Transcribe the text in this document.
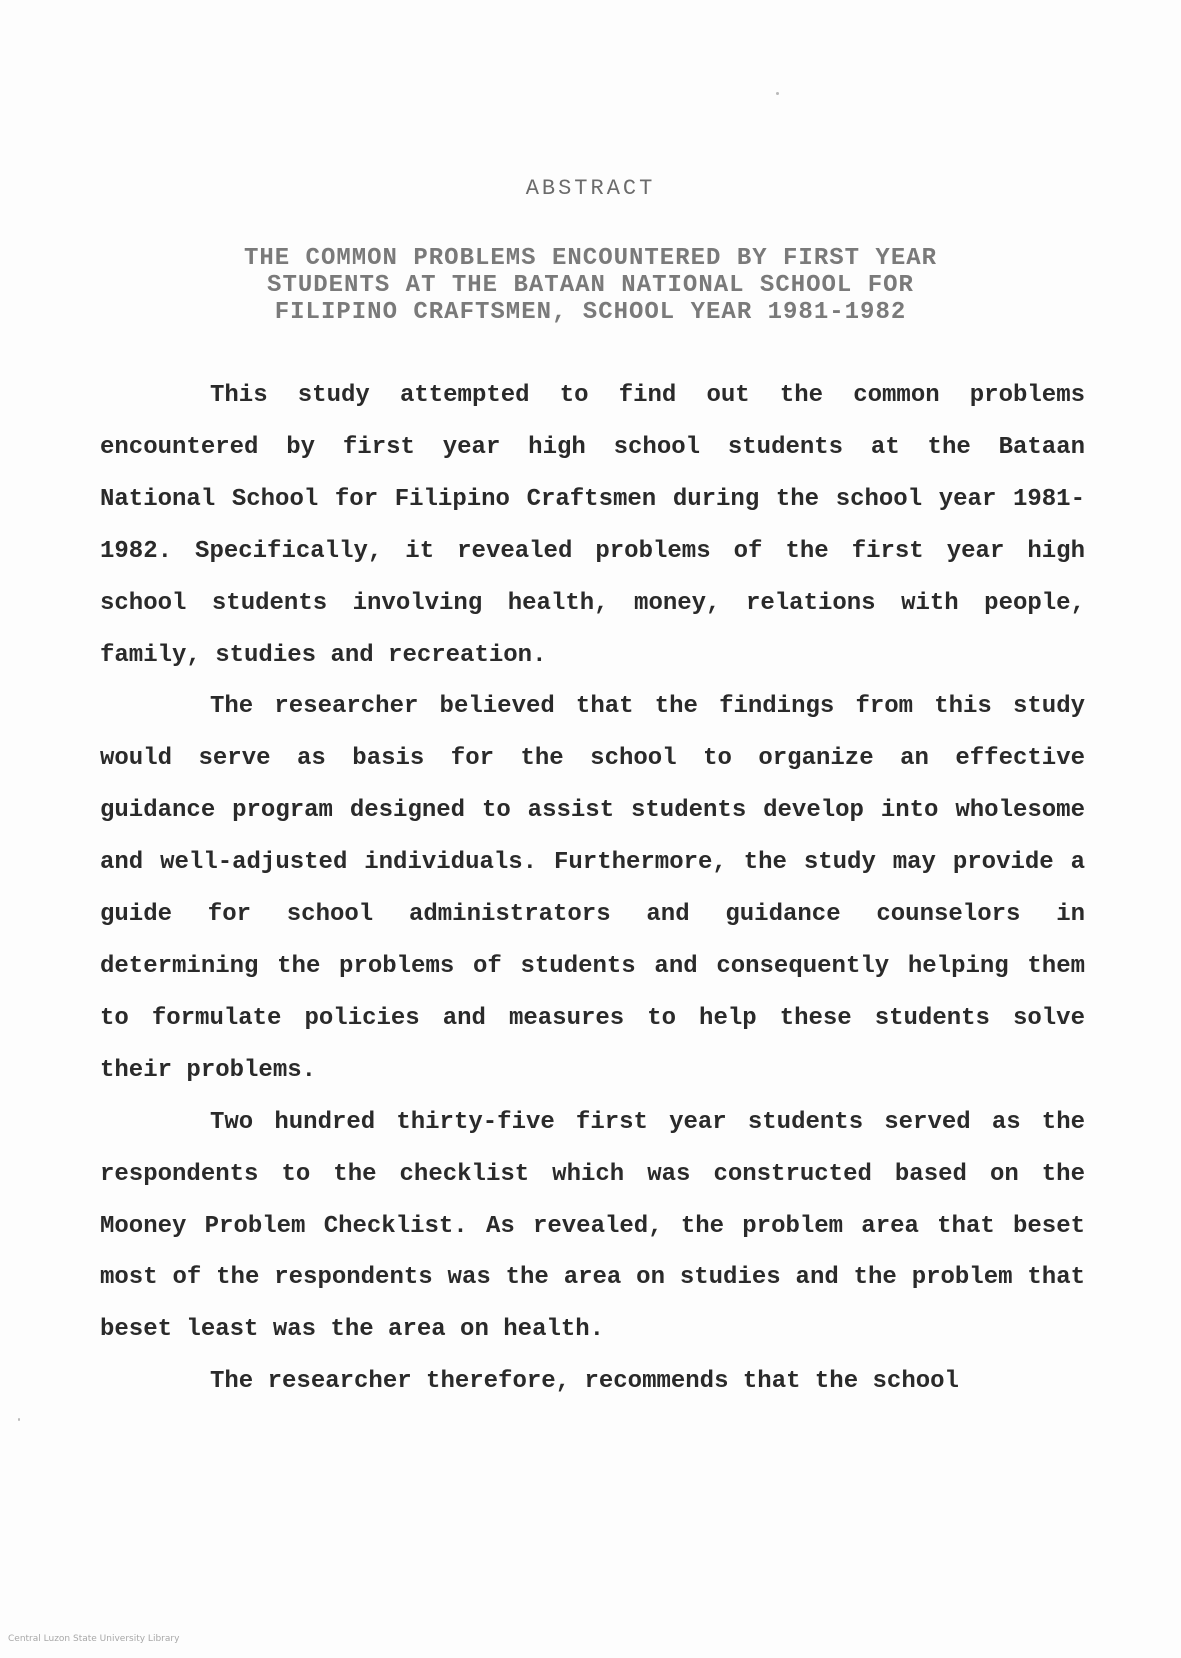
ABSTRACT
THE COMMON PROBLEMS ENCOUNTERED BY FIRST YEAR
STUDENTS AT THE BATAAN NATIONAL SCHOOL FOR
FILIPINO CRAFTSMEN, SCHOOL YEAR 1981-1982

This study attempted to find out the common problems encountered by first year high school students at the Bataan National School for Filipino Craftsmen during the school year 1981-1982. Specifically, it revealed problems of the first year high school students involving health, money, relations with people, family, studies and recreation.

The researcher believed that the findings from this study would serve as basis for the school to organize an effective guidance program designed to assist students develop into wholesome and well-adjusted individuals. Furthermore, the study may provide a guide for school administrators and guidance counselors in determining the problems of students and consequently helping them to formulate policies and measures to help these students solve their problems.

Two hundred thirty-five first year students served as the respondents to the checklist which was constructed based on the Mooney Problem Checklist. As revealed, the problem area that beset most of the respondents was the area on studies and the problem that beset least was the area on health.

The researcher therefore, recommends that the school

Central Luzon State University Library
